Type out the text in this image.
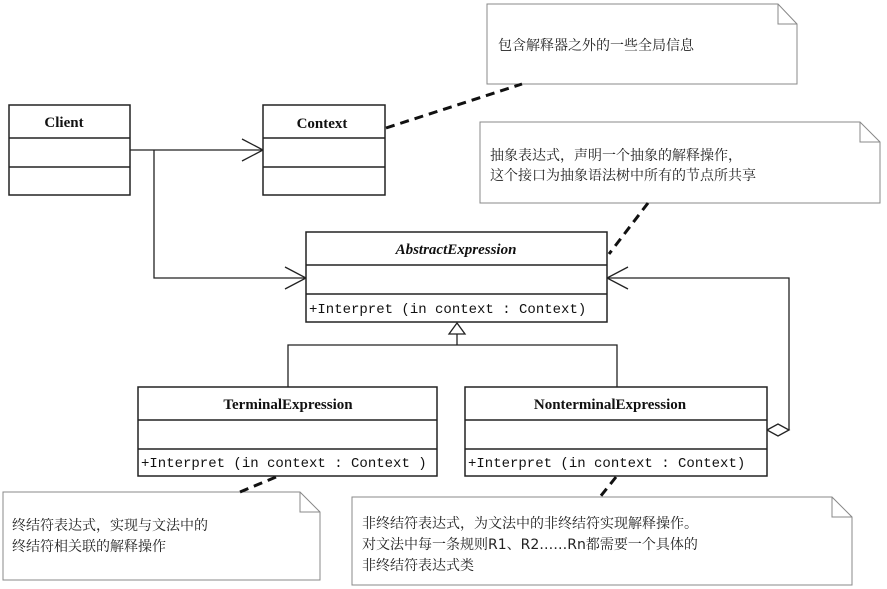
包含解释器之外的一些全局信息
抽象表达式，声明一个抽象的解释操作，
这个接口为抽象语法树中所有的节点所共享
终结符表达式，实现与文法中的
终结符相关联的解释操作
非终结符表达式，为文法中的非终结符实现解释操作。
对文法中每一条规则R1、R2……Rn都需要一个具体的
非终结符表达式类
Client	Context
AbstractExpression
+Interpret (in context : Context)
TerminalExpression
+Interpret (in context : Context )
NonterminalExpression
+Interpret (in context : Context)
